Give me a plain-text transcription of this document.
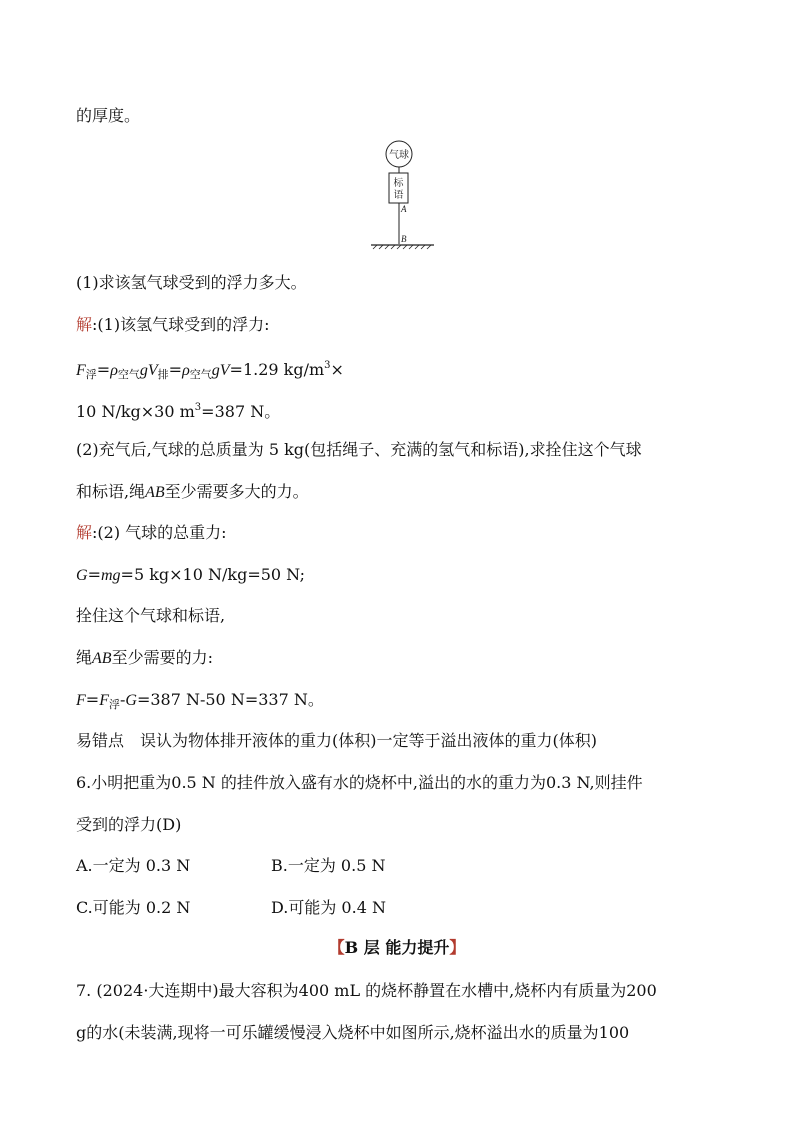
的厚度。
气球
标
语
A
B
(1)求该氢气球受到的浮力多大。
解:(1)该氢气球受到的浮力:
$F_浮=\rho_{空气}gV_排=\rho_{空气}gV=1.29$ $kg/m^3\times$
10 N/kg×30 $m^3=387$ N。
(2)充气后,气球的总质量为 5 kg(包括绳子、充满的氢气和标语),求拴住这个气球
和标语,绳AB至少需要多大的力。
解:(2) 气球的总重力:
G=mg=5 kg×10 N/kg=50 N;
拴住这个气球和标语,
绳AB至少需要的力:
$F=F_浮-G=387$ N-50 N=337 N。
易错点　误认为物体排开液体的重力(体积)一定等于溢出液体的重力(体积)
6.小明把重为0.5 N 的挂件放入盛有水的烧杯中,溢出的水的重力为0.3 N,则挂件
受到的浮力(D)
A.一定为 0.3 N	B.一定为 0.5 N
C.可能为 0.2 N	D.可能为 0.4 N
【B 层 能力提升】
7. (2024·大连期中)最大容积为400 mL 的烧杯静置在水槽中,烧杯内有质量为200
g的水(未装满,现将一可乐罐缓慢浸入烧杯中如图所示,烧杯溢出水的质量为100
